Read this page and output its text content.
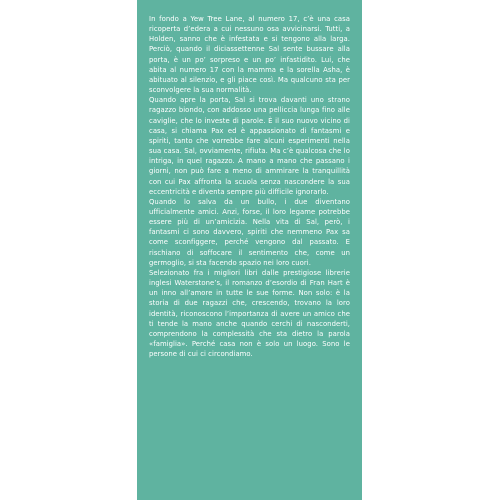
In fondo a Yew Tree Lane, al numero 17, c’è una casa ricoperta d’edera a cui nessuno osa avvicinarsi. Tutti, a Holden, sanno che è infestata e si tengono alla larga. Perciò, quando il diciassettenne Sal sente bussare alla porta, è un po’ sorpreso e un po’ infastidito. Lui, che abita al numero 17 con la mamma e la sorella Asha, è abituato al silenzio, e gli piace così. Ma qualcuno sta per sconvolgere la sua normalità.

Quando apre la porta, Sal si trova davanti uno strano ragazzo biondo, con addosso una pelliccia lunga fino alle caviglie, che lo investe di parole. È il suo nuovo vicino di casa, si chiama Pax ed è appassionato di fantasmi e spiriti, tanto che vorrebbe fare alcuni esperimenti nella sua casa. Sal, ovviamente, rifiuta. Ma c’è qualcosa che lo intriga, in quel ragazzo. A mano a mano che passano i giorni, non può fare a meno di ammirare la tranquillità con cui Pax affronta la scuola senza nascondere la sua eccentricità e diventa sempre più difficile ignorarlo.

Quando lo salva da un bullo, i due diventano ufficialmente amici. Anzi, forse, il loro legame potrebbe essere più di un’amicizia. Nella vita di Sal, però, i fantasmi ci sono davvero, spiriti che nemmeno Pax sa come sconfiggere, perché vengono dal passato. E rischiano di soffocare il sentimento che, come un germoglio, si sta facendo spazio nei loro cuori.

Selezionato fra i migliori libri dalle prestigiose librerie inglesi Waterstone’s, il romanzo d’esordio di Fran Hart è un inno all’amore in tutte le sue forme. Non solo: è la storia di due ragazzi che, crescendo, trovano la loro identità, riconoscono l’importanza di avere un amico che ti tende la mano anche quando cerchi di nasconderti, comprendono la complessità che sta dietro la parola «famiglia». Perché casa non è solo un luogo. Sono le persone di cui ci circondiamo.
